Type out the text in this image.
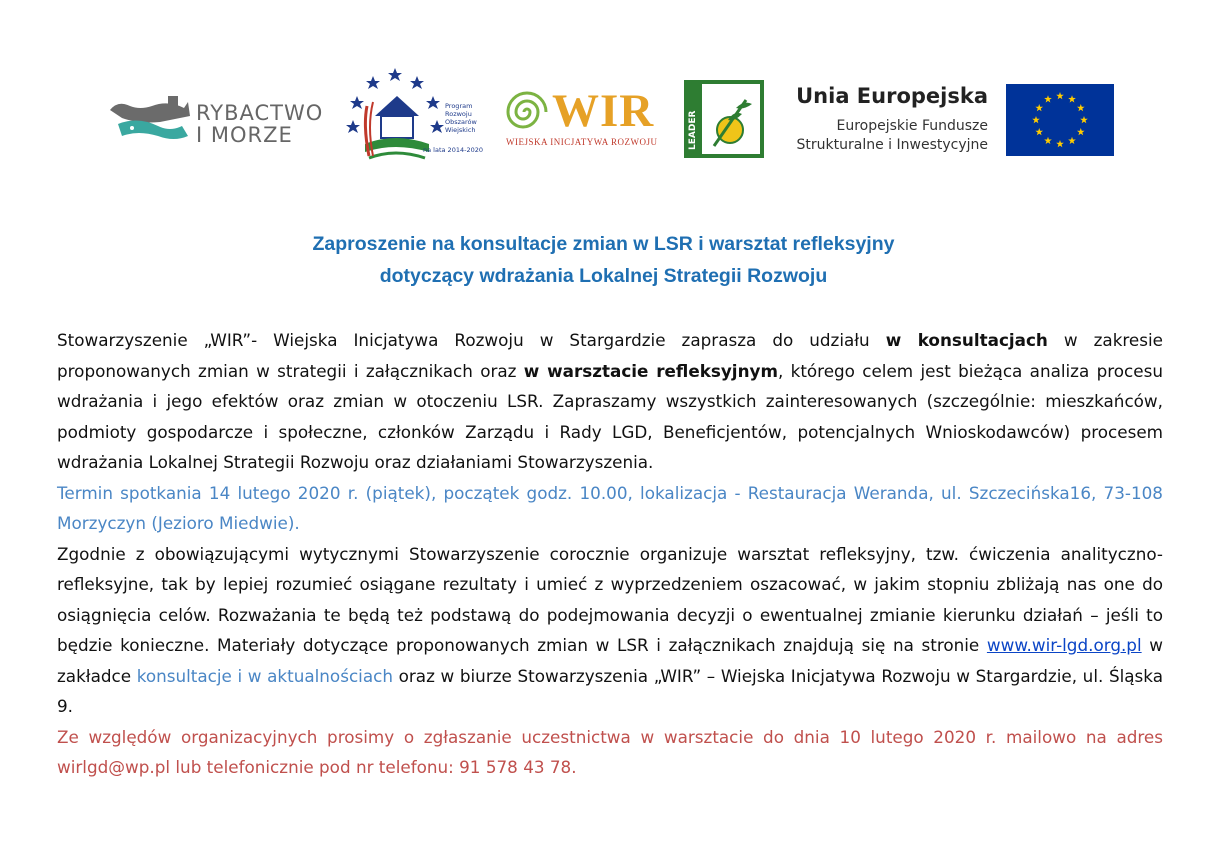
RYBACTWO
I MORZE
Program
Rozwoju
Obszarów
Wiejskich
na lata 2014-2020
WIR
WIEJSKA INICJATYWA ROZWOJU	LEADER
Unia Europejska
Europejskie Fundusze
Strukturalne i Inwestycyjne
Zaproszenie na konsultacje zmian w LSR i warsztat refleksyjny
dotyczący wdrażania Lokalnej Strategii Rozwoju

Stowarzyszenie „WIR”- Wiejska Inicjatywa Rozwoju w Stargardzie zaprasza do udziału w konsultacjach w zakresie proponowanych zmian w strategii i załącznikach oraz w warsztacie refleksyjnym, którego celem jest bieżąca analiza procesu wdrażania i jego efektów oraz zmian w otoczeniu LSR. Zapraszamy wszystkich zainteresowanych (szczególnie: mieszkańców, podmioty gospodarcze i społeczne, członków Zarządu i Rady LGD, Beneficjentów, potencjalnych Wnioskodawców) procesem wdrażania Lokalnej Strategii Rozwoju oraz działaniami Stowarzyszenia.

Termin spotkania 14 lutego 2020 r. (piątek), początek godz. 10.00, lokalizacja - Restauracja Weranda, ul. Szczecińska16, 73-108 Morzyczyn (Jezioro Miedwie).

Zgodnie z obowiązującymi wytycznymi Stowarzyszenie corocznie organizuje warsztat refleksyjny, tzw. ćwiczenia analityczno-refleksyjne, tak by lepiej rozumieć osiągane rezultaty i umieć z wyprzedzeniem oszacować, w jakim stopniu zbliżają nas one do osiągnięcia celów. Rozważania te będą też podstawą do podejmowania decyzji o ewentualnej zmianie kierunku działań – jeśli to będzie konieczne. Materiały dotyczące proponowanych zmian w LSR i załącznikach znajdują się na stronie www.wir-lgd.org.pl w zakładce konsultacje i w aktualnościach oraz w biurze Stowarzyszenia „WIR” – Wiejska Inicjatywa Rozwoju w Stargardzie, ul. Śląska 9.

Ze względów organizacyjnych prosimy o zgłaszanie uczestnictwa w warsztacie do dnia 10 lutego 2020 r. mailowo na adres wirlgd@wp.pl lub telefonicznie pod nr telefonu: 91 578 43 78.
